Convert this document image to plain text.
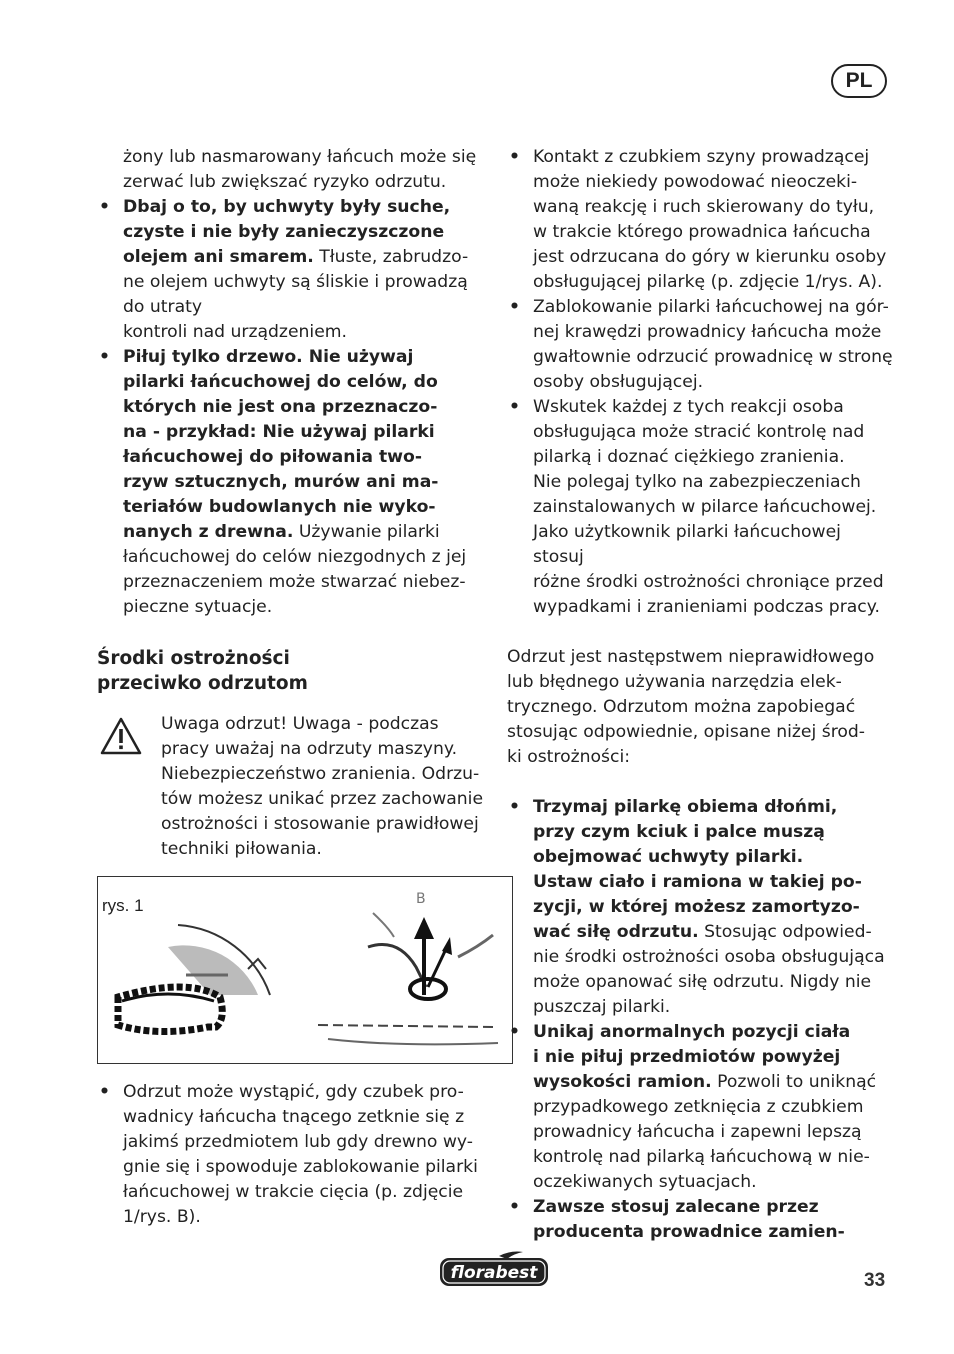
PL

żony lub nasmarowany łańcuch może się
zerwać lub zwiększać ryzyko odrzutu.

• Dbaj o to, by uchwyty były suche,
czyste i nie były zanieczyszczone
olejem ani smarem. Tłuste, zabrudzo-
ne olejem uchwyty są śliskie i prowadzą
do utraty
kontroli nad urządzeniem.

• Piłuj tylko drzewo. Nie używaj
pilarki łańcuchowej do celów, do
których nie jest ona przeznaczo-
na - przykład: Nie używaj pilarki
łańcuchowej do piłowania two-
rzyw sztucznych, murów ani ma-
teriałów budowlanych nie wyko-
nanych z drewna. Używanie pilarki
łańcuchowej do celów niezgodnych z jej
przeznaczeniem może stwarzać niebez-
pieczne sytuacje.

Środki ostrożności
przeciwko odrzutom
Uwaga odrzut! Uwaga - podczas
pracy uważaj na odrzuty maszyny.
Niebezpieczeństwo zranienia. Odrzu-
tów możesz unikać przez zachowanie
ostrożności i stosowanie prawidłowej
techniki piłowania.
B
rys. 1

• Odrzut może wystąpić, gdy czubek pro-
wadnicy łańcucha tnącego zetknie się z
jakimś przedmiotem lub gdy drewno wy-
gnie się i spowoduje zablokowanie pilarki
łańcuchowej w trakcie cięcia (p. zdjęcie
1/rys. B).

• Kontakt z czubkiem szyny prowadzącej
może niekiedy powodować nieoczeki-
waną reakcję i ruch skierowany do tyłu,
w trakcie którego prowadnica łańcucha
jest odrzucana do góry w kierunku osoby
obsługującej pilarkę (p. zdjęcie 1/rys. A).

• Zablokowanie pilarki łańcuchowej na gór-
nej krawędzi prowadnicy łańcucha może
gwałtownie odrzucić prowadnicę w stronę
osoby obsługującej.

• Wskutek każdej z tych reakcji osoba
obsługująca może stracić kontrolę nad
pilarką i doznać ciężkiego zranienia.
Nie polegaj tylko na zabezpieczeniach
zainstalowanych w pilarce łańcuchowej.
Jako użytkownik pilarki łańcuchowej stosuj
różne środki ostrożności chroniące przed
wypadkami i zranieniami podczas pracy.

Odrzut jest następstwem nieprawidłowego
lub błędnego używania narzędzia elek-
trycznego. Odrzutom można zapobiegać
stosując odpowiednie, opisane niżej środ-
ki ostrożności:

• Trzymaj pilarkę obiema dłońmi,
przy czym kciuk i palce muszą
obejmować uchwyty pilarki.
Ustaw ciało i ramiona w takiej po-
zycji, w której możesz zamortyzo-
wać siłę odrzutu. Stosując odpowied-
nie środki ostrożności osoba obsługująca
może opanować siłę odrzutu. Nigdy nie
puszczaj pilarki.

• Unikaj anormalnych pozycji ciała
i nie piłuj przedmiotów powyżej
wysokości ramion. Pozwoli to uniknąć
przypadkowego zetknięcia z czubkiem
prowadnicy łańcucha i zapewni lepszą
kontrolę nad pilarką łańcuchową w nie-
oczekiwanych sytuacjach.

• Zawsze stosuj zalecane przez
producenta prowadnice zamien-

florabest	33
